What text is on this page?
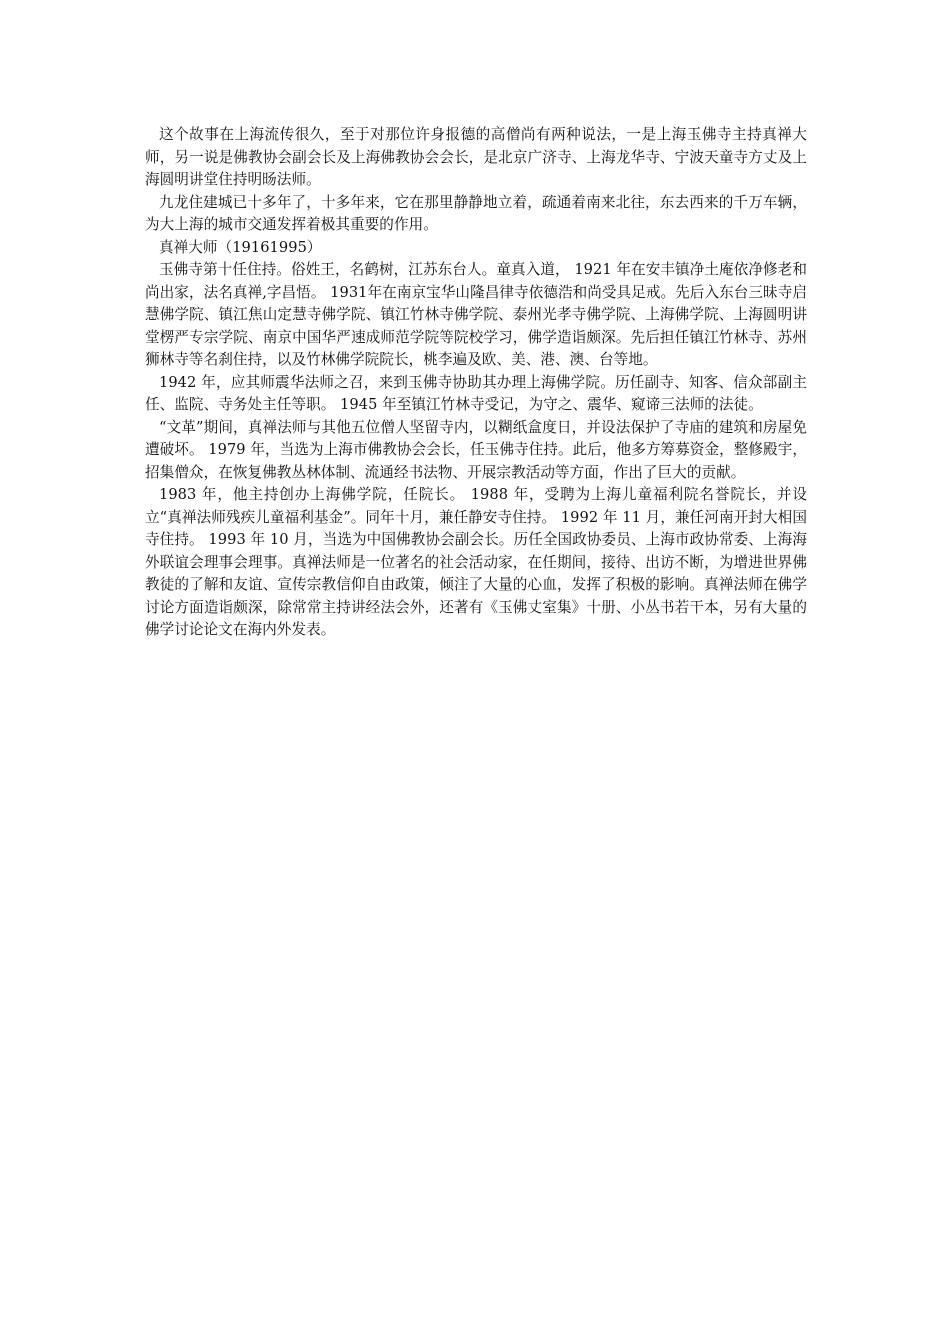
这个故事在上海流传很久，至于对那位许身报德的高僧尚有两种说法，一是上海玉佛寺主持真禅大师，另一说是佛教协会副会长及上海佛教协会会长，是北京广济寺、上海龙华寺、宁波天童寺方丈及上海圆明讲堂住持明旸法师。

九龙住建城已十多年了，十多年来，它在那里静静地立着，疏通着南来北往，东去西来的千万车辆，为大上海的城市交通发挥着极其重要的作用。

真禅大师（19161995）

玉佛寺第十任住持。俗姓王，名鹤树，江苏东台人。童真入道， 1921 年在安丰镇净土庵依净修老和尚出家，法名真禅,字昌悟。 1931年在南京宝华山隆昌律寺依德浩和尚受具足戒。先后入东台三昧寺启慧佛学院、镇江焦山定慧寺佛学院、镇江竹林寺佛学院、泰州光孝寺佛学院、上海佛学院、上海圆明讲堂楞严专宗学院、南京中国华严速成师范学院等院校学习，佛学造诣颇深。先后担任镇江竹林寺、苏州狮林寺等名刹住持，以及竹林佛学院院长，桃李遍及欧、美、港、澳、台等地。

1942 年，应其师震华法师之召，来到玉佛寺协助其办理上海佛学院。历任副寺、知客、信众部副主任、监院、寺务处主任等职。 1945 年至镇江竹林寺受记，为守之、震华、窥谛三法师的法徒。

“文革”期间，真禅法师与其他五位僧人坚留寺内，以糊纸盒度日，并设法保护了寺庙的建筑和房屋免遭破坏。 1979 年，当选为上海市佛教协会会长，任玉佛寺住持。此后，他多方筹募资金，整修殿宇，招集僧众，在恢复佛教丛林体制、流通经书法物、开展宗教活动等方面，作出了巨大的贡献。

1983 年，他主持创办上海佛学院，任院长。 1988 年，受聘为上海儿童福利院名誉院长，并设立“真禅法师残疾儿童福利基金”。同年十月，兼任静安寺住持。 1992 年 11 月，兼任河南开封大相国寺住持。 1993 年 10 月，当选为中国佛教协会副会长。历任全国政协委员、上海市政协常委、上海海外联谊会理事会理事。真禅法师是一位著名的社会活动家，在任期间，接待、出访不断，为增进世界佛教徒的了解和友谊、宣传宗教信仰自由政策，倾注了大量的心血，发挥了积极的影响。真禅法师在佛学讨论方面造诣颇深，除常常主持讲经法会外，还著有《玉佛丈室集》十册、小丛书若干本，另有大量的佛学讨论论文在海内外发表。
